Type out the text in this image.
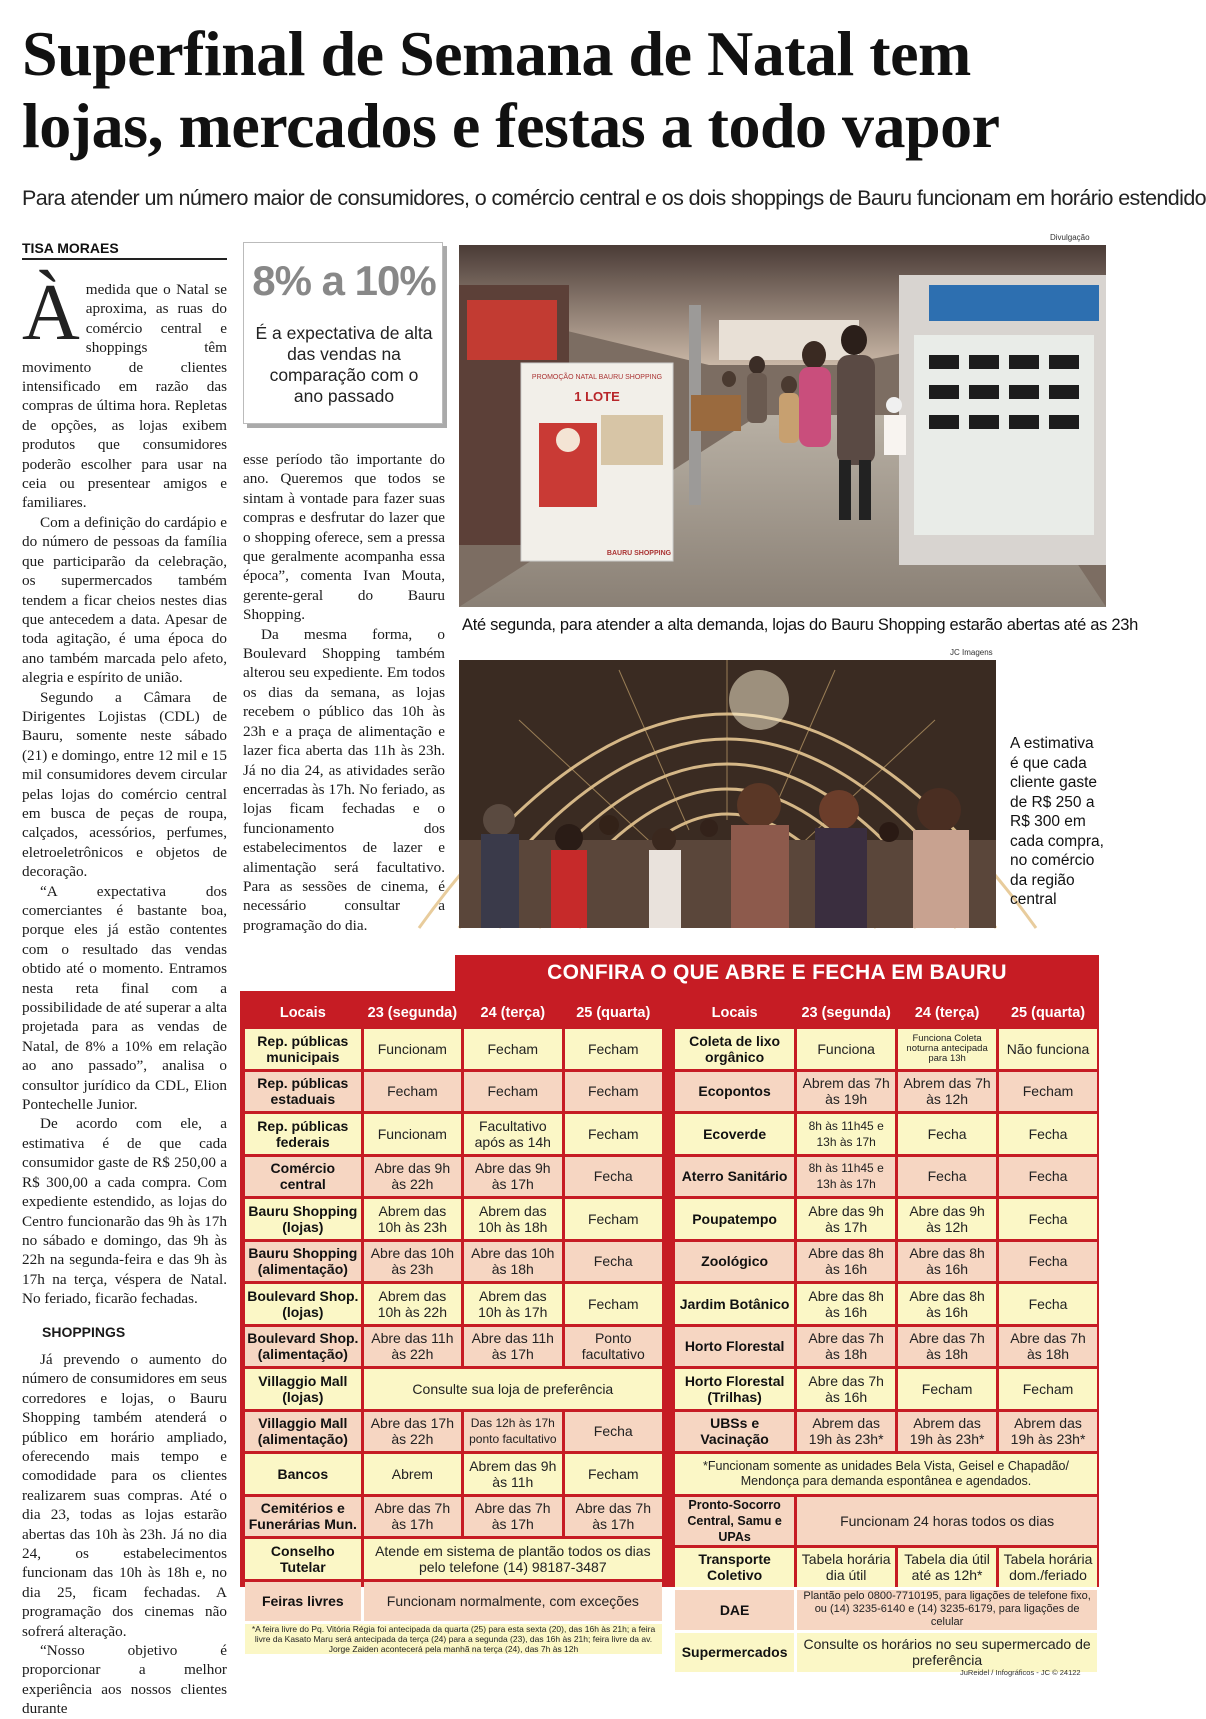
Superfinal de Semana de Natal tem lojas, mercados e festas a todo vapor
Para atender um número maior de consumidores, o comércio central e os dois shoppings de Bauru funcionam em horário estendido
TISA MORAES

Àmedida que o Natal se aproxima, as ruas do comércio central e shoppings têm movimento de clientes intensificado em razão das compras de última hora. Repletas de opções, as lojas exibem produtos que consumidores poderão escolher para usar na ceia ou presentear amigos e familiares.

Com a definição do cardápio e do número de pessoas da família que participarão da celebração, os supermercados também tendem a ficar cheios nestes dias que antecedem a data. Apesar de toda agitação, é uma época do ano também marcada pelo afeto, alegria e espírito de união.

Segundo a Câmara de Dirigentes Lojistas (CDL) de Bauru, somente neste sábado (21) e domingo, entre 12 mil e 15 mil consumidores devem circular pelas lojas do comércio central em busca de peças de roupa, calçados, acessórios, perfumes, eletroeletrônicos e objetos de decoração.

“A expectativa dos comerciantes é bastante boa, porque eles já estão contentes com o resultado das vendas obtido até o momento. Entramos nesta reta final com a possibilidade de até superar a alta projetada para as vendas de Natal, de 8% a 10% em relação ao ano passado”, analisa o consultor jurídico da CDL, Elion Pontechelle Junior.

De acordo com ele, a estimativa é de que cada consumidor gaste de R$ 250,00 a R$ 300,00 a cada compra. Com expediente estendido, as lojas do Centro funcionarão das 9h às 17h no sábado e domingo, das 9h às 22h na segunda-feira e das 9h às 17h na terça, véspera de Natal. No feriado, ficarão fechadas.

SHOPPINGS

Já prevendo o aumento do número de consumidores em seus corredores e lojas, o Bauru Shopping também atenderá o público em horário ampliado, oferecendo mais tempo e comodidade para os clientes realizarem suas compras. Até o dia 23, todas as lojas estarão abertas das 10h às 23h. Já no dia 24, os estabelecimentos funcionam das 10h às 18h e, no dia 25, ficam fechadas. A programação dos cinemas não sofrerá alteração.

“Nosso objetivo é proporcionar a melhor experiência aos nossos clientes durante

8% a 10%
É a expectativa de alta das vendas na comparação com o ano passado

esse período tão importante do ano. Queremos que todos se sintam à vontade para fazer suas compras e desfrutar do lazer que o shopping oferece, sem a pressa que geralmente acompanha essa época”, comenta Ivan Mouta, gerente-geral do Bauru Shopping.

Da mesma forma, o Boulevard Shopping também alterou seu expediente. Em todos os dias da semana, as lojas recebem o público das 10h às 23h e a praça de alimentação e lazer fica aberta das 11h às 23h. Já no dia 24, as atividades serão encerradas às 17h. No feriado, as lojas ficam fechadas e o funcionamento dos estabelecimentos de lazer e alimentação será facultativo. Para as sessões de cinema, é necessário consultar a programação do dia.

Divulgação
PROMOÇÃO NATAL BAURU SHOPPING
1 LOTE
BAURU SHOPPING
Até segunda, para atender a alta demanda, lojas do Bauru Shopping estarão abertas até as 23h
JC Imagens
A estimativa é que cada cliente gaste de R$ 250 a R$ 300 em cada compra, no comércio da região central
CONFIRA O QUE ABRE E FECHA EM BAURU
Locais	23 (segunda)	24 (terça)	25 (quarta)
Rep. públicas municipais	Funcionam	Fecham	Fecham
Rep. públicas estaduais	Fecham	Fecham	Fecham
Rep. públicas federais	Funcionam	Facultativo após as 14h	Fecham
Comércio central	Abre das 9h às 22h	Abre das 9h às 17h	Fecha
Bauru Shopping (lojas)	Abrem das 10h às 23h	Abrem das 10h às 18h	Fecham
Bauru Shopping (alimentação)	Abre das 10h às 23h	Abre das 10h às 18h	Fecha
Boulevard Shop. (lojas)	Abrem das 10h às 22h	Abrem das 10h às 17h	Fecham
Boulevard Shop. (alimentação)	Abre das 11h às 22h	Abre das 11h às 17h	Ponto facultativo
Villaggio Mall (lojas)	Consulte sua loja de preferência		
Villaggio Mall (alimentação)	Abre das 17h às 22h	Das 12h às 17h ponto facultativo	Fecha
Bancos	Abrem	Abrem das 9h às 11h	Fecham
Cemitérios e Funerárias Mun.	Abre das 7h às 17h	Abre das 7h às 17h	Abre das 7h às 17h
Conselho Tutelar	Atende em sistema de plantão todos os dias pelo telefone (14) 98187-3487		
Feiras livres	Funcionam normalmente, com exceções		
*A feira livre do Pq. Vitória Régia foi antecipada da quarta (25) para esta sexta (20), das 16h às 21h; a feira livre da Kasato Maru será antecipada da terça (24) para a segunda (23), das 16h às 21h; feira livre da av. Jorge Zaiden acontecerá pela manhã na terça (24), das 7h às 12h			
Locais	23 (segunda)	24 (terça)	25 (quarta)
Coleta de lixo orgânico	Funciona	Funciona Coleta noturna antecipada para 13h	Não funciona
Ecopontos	Abrem das 7h às 19h	Abrem das 7h às 12h	Fecham
Ecoverde	8h às 11h45 e 13h às 17h	Fecha	Fecha
Aterro Sanitário	8h às 11h45 e 13h às 17h	Fecha	Fecha
Poupatempo	Abre das 9h às 17h	Abre das 9h às 12h	Fecha
Zoológico	Abre das 8h às 16h	Abre das 8h às 16h	Fecha
Jardim Botânico	Abre das 8h às 16h	Abre das 8h às 16h	Fecha
Horto Florestal	Abre das 7h às 18h	Abre das 7h às 18h	Abre das 7h às 18h
Horto Florestal (Trilhas)	Abre das 7h às 16h	Fecham	Fecham
UBSs e Vacinação	Abrem das 19h às 23h*	Abrem das 19h às 23h*	Abrem das 19h às 23h*
*Funcionam somente as unidades Bela Vista, Geisel e Chapadão/ Mendonça para demanda espontânea e agendados.			
Pronto-Socorro Central, Samu e UPAs	Funcionam 24 horas todos os dias		
Transporte Coletivo	Tabela horária dia útil	Tabela dia útil até as 12h*	Tabela horária dom./feriado
DAE	Plantão pelo 0800-7710195, para ligações de telefone fixo, ou (14) 3235-6140 e (14) 3235-6179, para ligações de celular		
Supermercados	Consulte os horários no seu supermercado de preferência		
JuReidel / Infográficos - JC © 24122
